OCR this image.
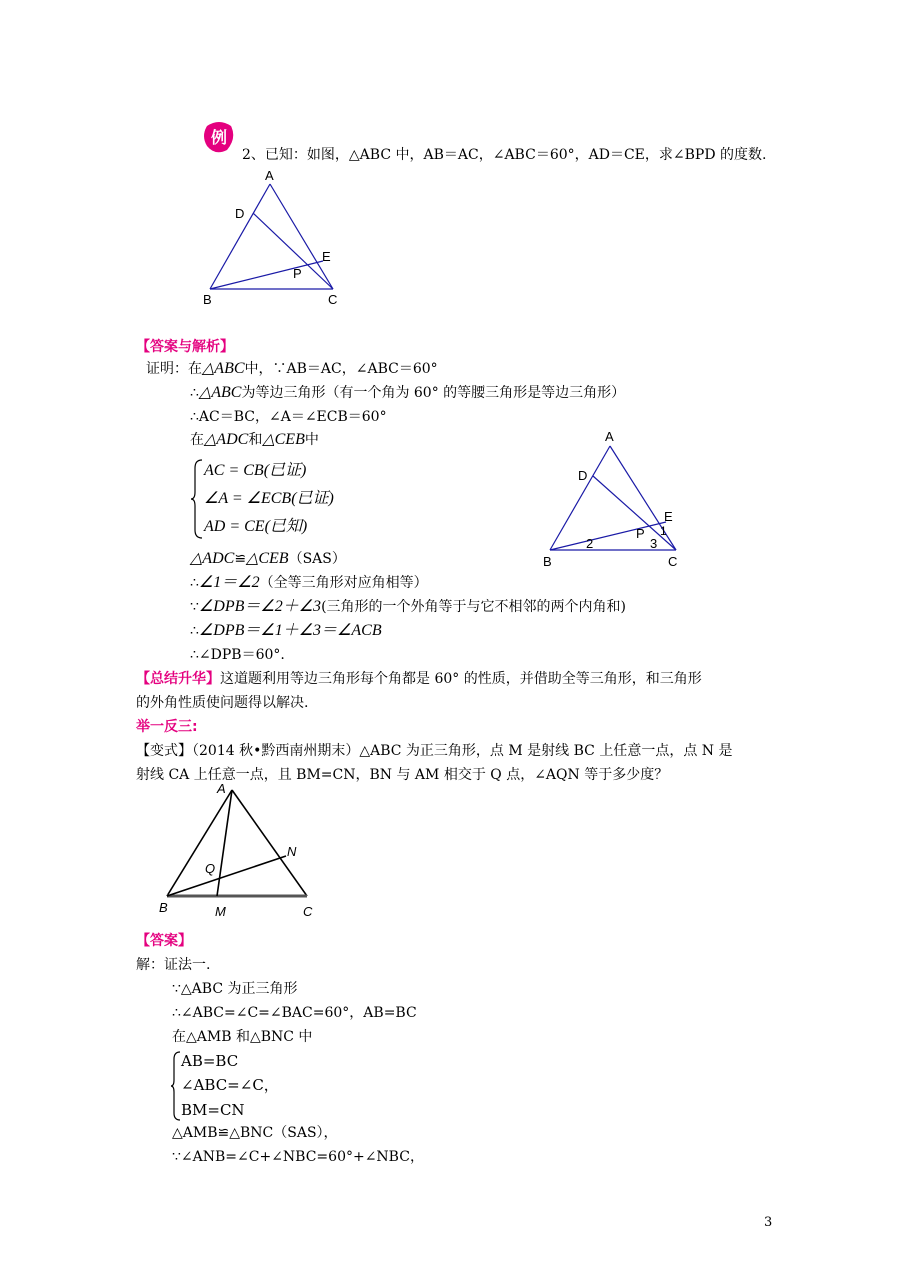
例
2、已知：如图，△ABC 中，AB＝AC，∠ABC＝60°，AD＝CE，求∠BPD 的度数.
A
D
E
P
B	C
【答案与解析】
证明：在△ABC中，∵AB＝AC，∠ABC＝60°
∴△ABC为等边三角形（有一个角为 60° 的等腰三角形是等边三角形）
∴AC＝BC，∠A＝∠ECB＝60°
在△ADC和△CEB中
AC = CB(已证)
∠A = ∠ECB(已证)
AD = CE(已知)
△ADC≌△CEB（SAS）
∴∠1＝∠2（全等三角形对应角相等）
∵∠DPB＝∠2＋∠3(三角形的一个外角等于与它不相邻的两个内角和)
∴∠DPB＝∠1＋∠3＝∠ACB
∴∠DPB＝60°.
A
D
E
P
B	C
1
2	3
【总结升华】这道题利用等边三角形每个角都是 60° 的性质，并借助全等三角形，和三角形
的外角性质使问题得以解决.
举一反三:
【变式】（2014 秋•黔西南州期末）△ABC 为正三角形，点 M 是射线 BC 上任意一点，点 N 是
射线 CA 上任意一点，且 BM=CN，BN 与 AM 相交于 Q 点，∠AQN 等于多少度？
A
N
Q
B	M	C
【答案】
解：证法一.
∵△ABC 为正三角形
∴∠ABC=∠C=∠BAC=60°，AB=BC
在△AMB 和△BNC 中
AB=BC
∠ABC=∠C，
BM=CN
△AMB≌△BNC（SAS），
∵∠ANB=∠C+∠NBC=60°+∠NBC，
3
